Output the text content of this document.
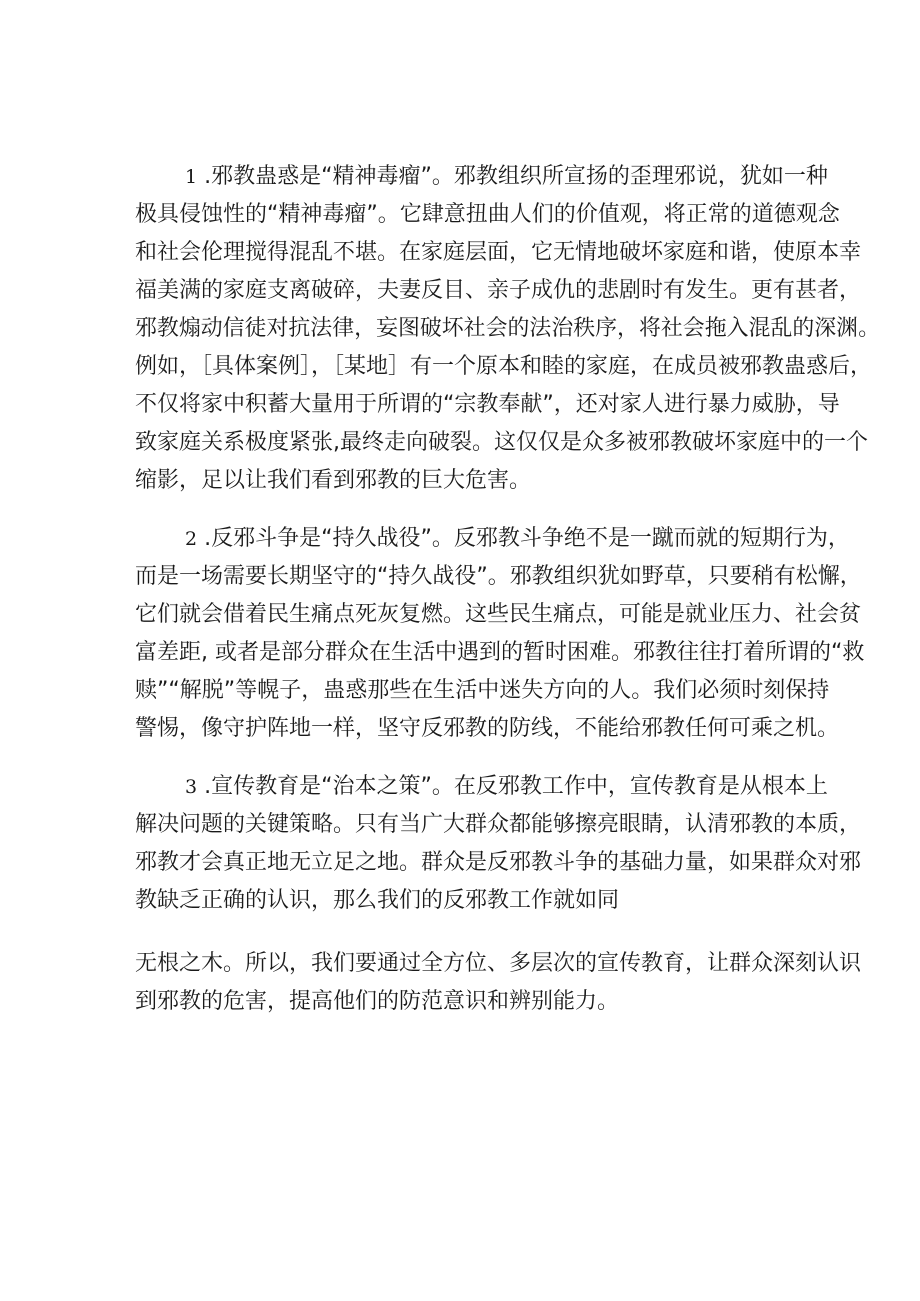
1 .邪教蛊惑是“精神毒瘤”。邪教组织所宣扬的歪理邪说，犹如一种
极具侵蚀性的“精神毒瘤”。它肆意扭曲人们的价值观，将正常的道德观念
和社会伦理搅得混乱不堪。在家庭层面，它无情地破坏家庭和谐，使原本幸
福美满的家庭支离破碎，夫妻反目、亲子成仇的悲剧时有发生。更有甚者，
邪教煽动信徒对抗法律，妄图破坏社会的法治秩序，将社会拖入混乱的深渊。
例如，［具体案例］，［某地］有一个原本和睦的家庭，在成员被邪教蛊惑后，
不仅将家中积蓄大量用于所谓的“宗教奉献”，还对家人进行暴力威胁，导
致家庭关系极度紧张,最终走向破裂。这仅仅是众多被邪教破坏家庭中的一个
缩影，足以让我们看到邪教的巨大危害。
2 .反邪斗争是“持久战役”。反邪教斗争绝不是一蹴而就的短期行为，
而是一场需要长期坚守的“持久战役”。邪教组织犹如野草，只要稍有松懈，
它们就会借着民生痛点死灰复燃。这些民生痛点，可能是就业压力、社会贫
富差距, 或者是部分群众在生活中遇到的暂时困难。邪教往往打着所谓的“救
赎”“解脱”等幌子，蛊惑那些在生活中迷失方向的人。我们必须时刻保持
警惕，像守护阵地一样，坚守反邪教的防线，不能给邪教任何可乘之机。
3 .宣传教育是“治本之策”。在反邪教工作中，宣传教育是从根本上
解决问题的关键策略。只有当广大群众都能够擦亮眼睛，认清邪教的本质，
邪教才会真正地无立足之地。群众是反邪教斗争的基础力量，如果群众对邪
教缺乏正确的认识，那么我们的反邪教工作就如同
无根之木。所以，我们要通过全方位、多层次的宣传教育，让群众深刻认识
到邪教的危害，提高他们的防范意识和辨别能力。
